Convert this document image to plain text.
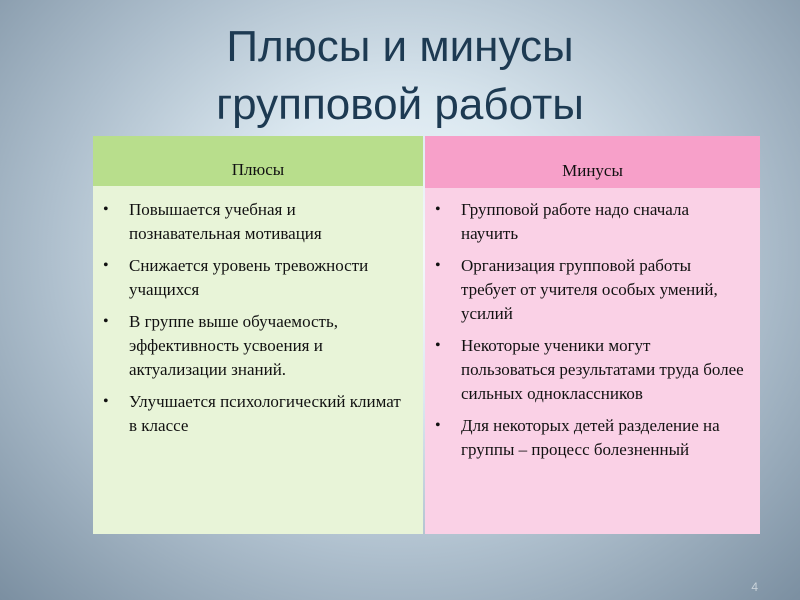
Плюсы и минусы
групповой работы
Плюсы
• Повышается учебная и познавательная мотивация
• Снижается уровень тревожности учащихся
• В группе выше обучаемость, эффективность усвоения и актуализации знаний.
• Улучшается психологический климат в классе
Минусы
• Групповой работе надо сначала научить
• Организация групповой работы требует от учителя особых умений, усилий
• Некоторые ученики могут пользоваться результатами труда более сильных одноклассников
• Для некоторых детей разделение на группы – процесс болезненный
4
